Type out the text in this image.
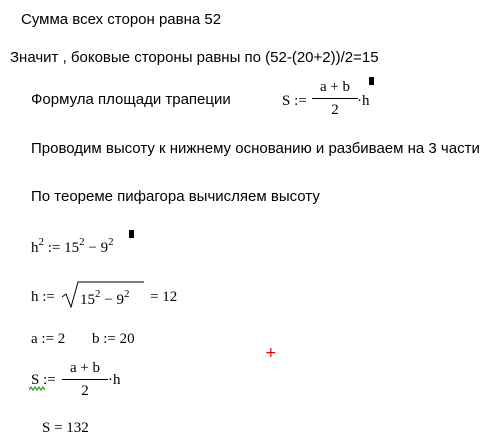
Сумма всех сторон равна 52
Значит , боковые стороны равны по (52-(20+2))/2=15
Формула площади трапеции	S :=
a + b
2
·h
Проводим высоту к нижнему основанию и разбиваем на 3 части
По теореме пифагора вычисляем высоту
$h^2$ := $15^2 - 9^2$
h := $15^2 - 9^2 = 12$
a := 2 b := 20
+
S :=
a + b
2
·h
S = 132
